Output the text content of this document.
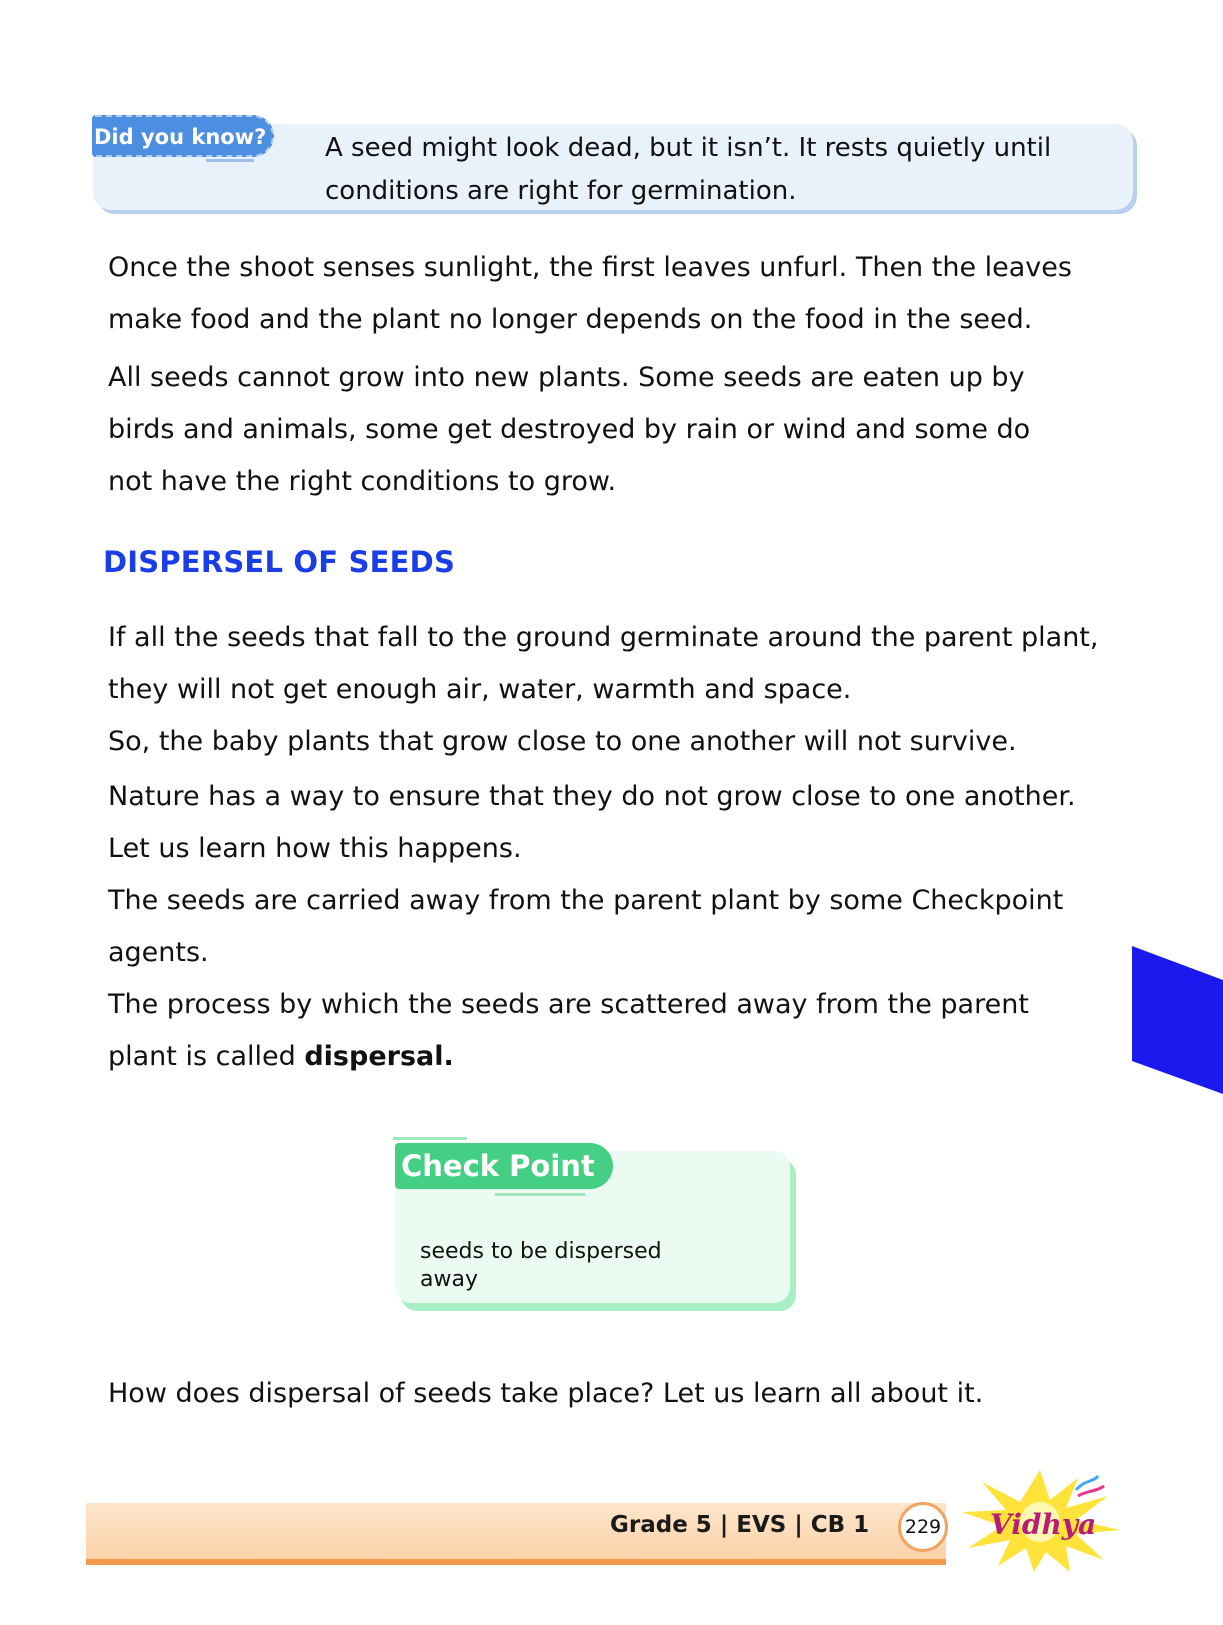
Did you know? A seed might look dead, but it isn’t. It rests quietly until
conditions are right for germination.

Once the shoot senses sunlight, the first leaves unfurl. Then the leaves

make food and the plant no longer depends on the food in the seed.

All seeds cannot grow into new plants. Some seeds are eaten up by

birds and animals, some get destroyed by rain or wind and some do

not have the right conditions to grow.

DISPERSEL OF SEEDS

If all the seeds that fall to the ground germinate around the parent plant,

they will not get enough air, water, warmth and space.

So, the baby plants that grow close to one another will not survive.

Nature has a way to ensure that they do not grow close to one another.

Let us learn how this happens.

The seeds are carried away from the parent plant by some Checkpoint

agents.

The process by which the seeds are scattered away from the parent

plant is called dispersal.

Check Point
seeds to be dispersed
away
How does dispersal of seeds take place? Let us learn all about it.
Grade 5 | EVS | CB 1	229 Vidhya
